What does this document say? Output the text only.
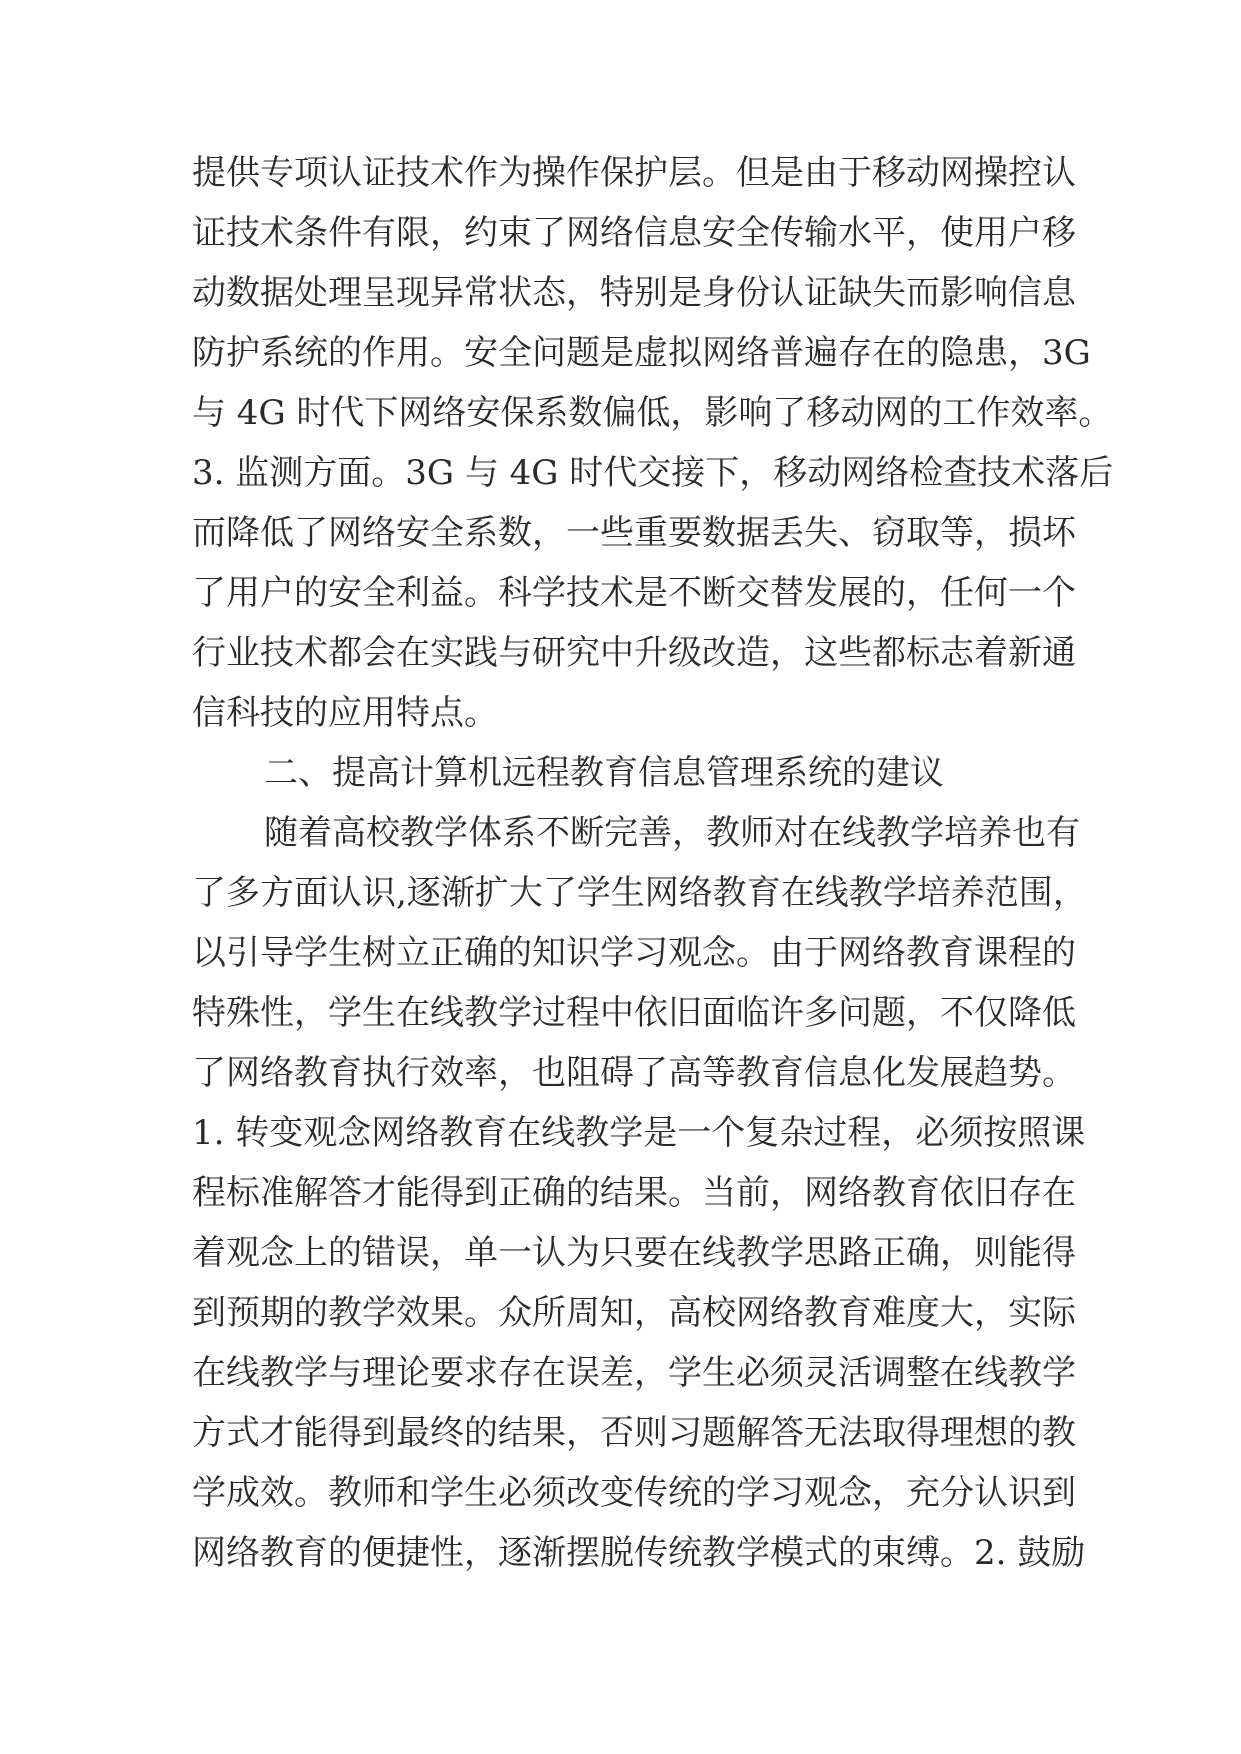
提供专项认证技术作为操作保护层。但是由于移动网操控认
证技术条件有限，约束了网络信息安全传输水平，使用户移
动数据处理呈现异常状态，特别是身份认证缺失而影响信息
防护系统的作用。安全问题是虚拟网络普遍存在的隐患，3G
与 4G 时代下网络安保系数偏低，影响了移动网的工作效率。
3. 监测方面。3G 与 4G 时代交接下，移动网络检查技术落后
而降低了网络安全系数，一些重要数据丢失、窃取等，损坏
了用户的安全利益。科学技术是不断交替发展的，任何一个
行业技术都会在实践与研究中升级改造，这些都标志着新通
信科技的应用特点。
二、提高计算机远程教育信息管理系统的建议
随着高校教学体系不断完善，教师对在线教学培养也有
了多方面认识,逐渐扩大了学生网络教育在线教学培养范围，
以引导学生树立正确的知识学习观念。由于网络教育课程的
特殊性，学生在线教学过程中依旧面临许多问题，不仅降低
了网络教育执行效率，也阻碍了高等教育信息化发展趋势。
1. 转变观念网络教育在线教学是一个复杂过程，必须按照课
程标准解答才能得到正确的结果。当前，网络教育依旧存在
着观念上的错误，单一认为只要在线教学思路正确，则能得
到预期的教学效果。众所周知，高校网络教育难度大，实际
在线教学与理论要求存在误差，学生必须灵活调整在线教学
方式才能得到最终的结果，否则习题解答无法取得理想的教
学成效。教师和学生必须改变传统的学习观念，充分认识到
网络教育的便捷性，逐渐摆脱传统教学模式的束缚。2. 鼓励
